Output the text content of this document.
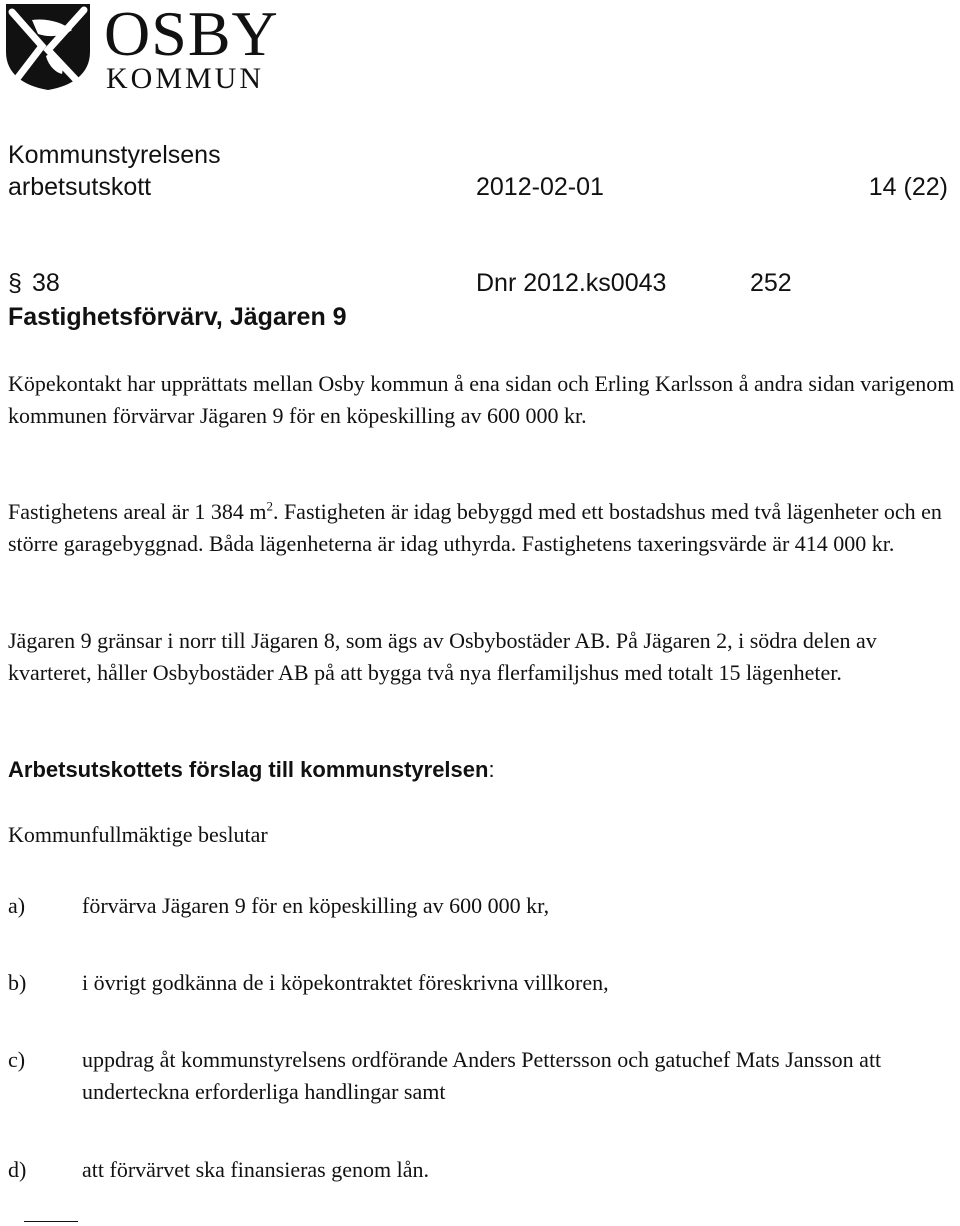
OSBY
KOMMUN
Kommunstyrelsens
arbetsutskott	2012-02-01	14 (22)
§ 38	Dnr 2012.ks0043	252
Fastighetsförvärv, Jägaren 9

Köpekontakt har upprättats mellan Osby kommun å ena sidan och Erling Karlsson å andra sidan varigenom kommunen förvärvar Jägaren 9 för en köpeskilling av 600 000 kr.

Fastighetens areal är 1 384 $m^2$. Fastigheten är idag bebyggd med ett bostadshus med två lägenheter och en större garagebyggnad. Båda lägenheterna är idag uthyrda. Fastighetens taxeringsvärde är 414 000 kr.

Jägaren 9 gränsar i norr till Jägaren 8, som ägs av Osbybostäder AB. På Jägaren 2, i södra delen av kvarteret, håller Osbybostäder AB på att bygga två nya flerfamiljshus med totalt 15 lägenheter.

Arbetsutskottets förslag till kommunstyrelsen:
Kommunfullmäktige beslutar
a)	förvärva Jägaren 9 för en köpeskilling av 600 000 kr,
b)	i övrigt godkänna de i köpekontraktet föreskrivna villkoren,
c)	uppdrag åt kommunstyrelsens ordförande Anders Pettersson och gatuchef Mats Jansson att underteckna erforderliga handlingar samt
d)	att förvärvet ska finansieras genom lån.
